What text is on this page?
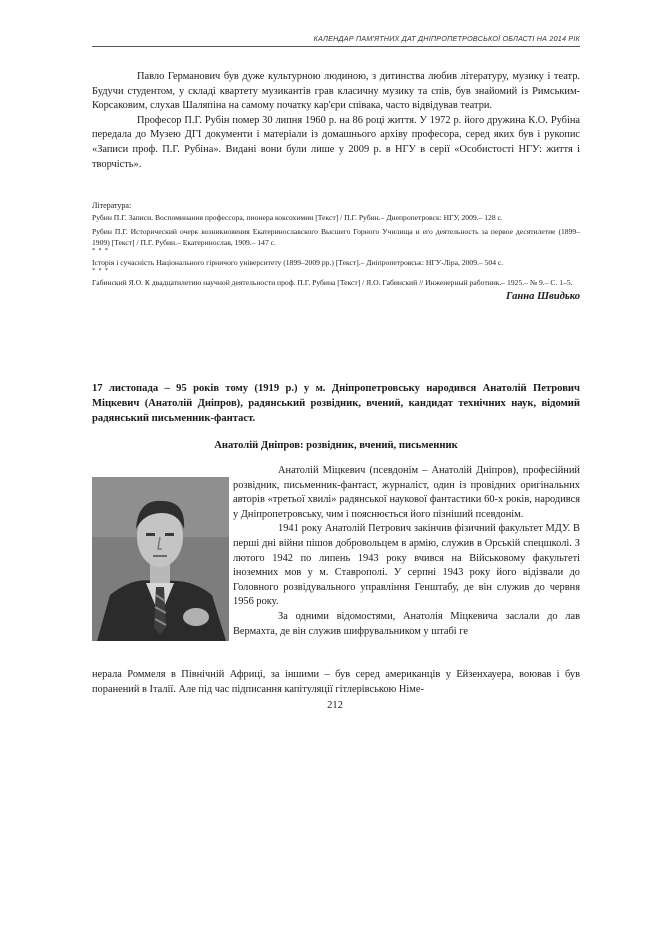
КАЛЕНДАР ПАМ'ЯТНИХ ДАТ ДНІПРОПЕТРОВСЬКОЇ ОБЛАСТІ НА 2014 РІК

Павло Германович був дуже культурною людиною, з дитинства любив літературу, музику і театр. Будучи студентом, у складі квартету музикантів грав класичну музику та спів, був знайомий із Римським-Корсаковим, слухав Шаляпіна на самому початку кар'єри співака, часто відвідував театри.

Професор П.Г. Рубін помер 30 липня 1960 р. на 86 році життя. У 1972 р. його дружина К.О. Рубіна передала до Музею ДГІ документи і матеріали із домашнього архіву професора, серед яких був і рукопис «Записи проф. П.Г. Рубіна». Видані вони були лише у 2009 р. в НГУ в серії «Особистості НГУ: життя і творчість».

Література:

Рубин П.Г. Записи. Воспоминания профессора, пионера коксохимии [Текст] / П.Г. Рубин.– Днепропетровск: НГУ, 2009.– 128 с.

Рубин П.Г. Исторический очерк возникновения Екатеринославского Высшего Горного Училища и его деятельность за первое десятилетие (1899–1909) [Текст] / П.Г. Рубин.– Екатеринослав, 1909.– 147 с.

* * *

Історія і сучасність Національного гірничого університету (1899–2009 рр.) [Текст].– Дніпропетровськ: НГУ-Ліра, 2009.– 504 с.

* * *

Габинский Я.О. К двадцатилетию научной деятельности проф. П.Г. Рубина [Текст] / Я.О. Габинский // Инженерный работник.– 1925.– № 9.– С. 1–5.

Ганна Швидько

17 листопада – 95 років тому (1919 р.) у м. Дніпропетровську народився Анатолій Петрович Міцкевич (Анатолій Дніпров), радянський розвідник, вчений, кандидат технічних наук, відомий радянський письменник-фантаст.

Анатолій Дніпров: розвідник, вчений, письменник

Анатолій Міцкевич (псевдонім – Анатолій Дніпров), професійний розвідник, письменник-фантаст, журналіст, один із провідних оригінальних авторів «третьої хвилі» радянської наукової фантастики 60-х років, народився у Дніпропетровську, чим і пояснюється його пізніший псевдонім.

1941 року Анатолій Петрович закінчив фізичний факультет МДУ. В перші дні війни пішов добровольцем в армію, служив в Орській спецшколі. З лютого 1942 по липень 1943 року вчився на Військовому факультеті іноземних мов у м. Ставрополі. У серпні 1943 року його відізвали до Головного розвідувального управління Генштабу, де він служив до червня 1956 року.

За одними відомостями, Анатолія Міцкевича заслали до лав Вермахта, де він служив шифрувальником у штабі ге

нерала Роммеля в Північній Африці, за іншими – був серед американців у Ейзенхауера, воював і був поранений в Італії. Але під час підписання капітуляції гітлерівською Німе-

212
